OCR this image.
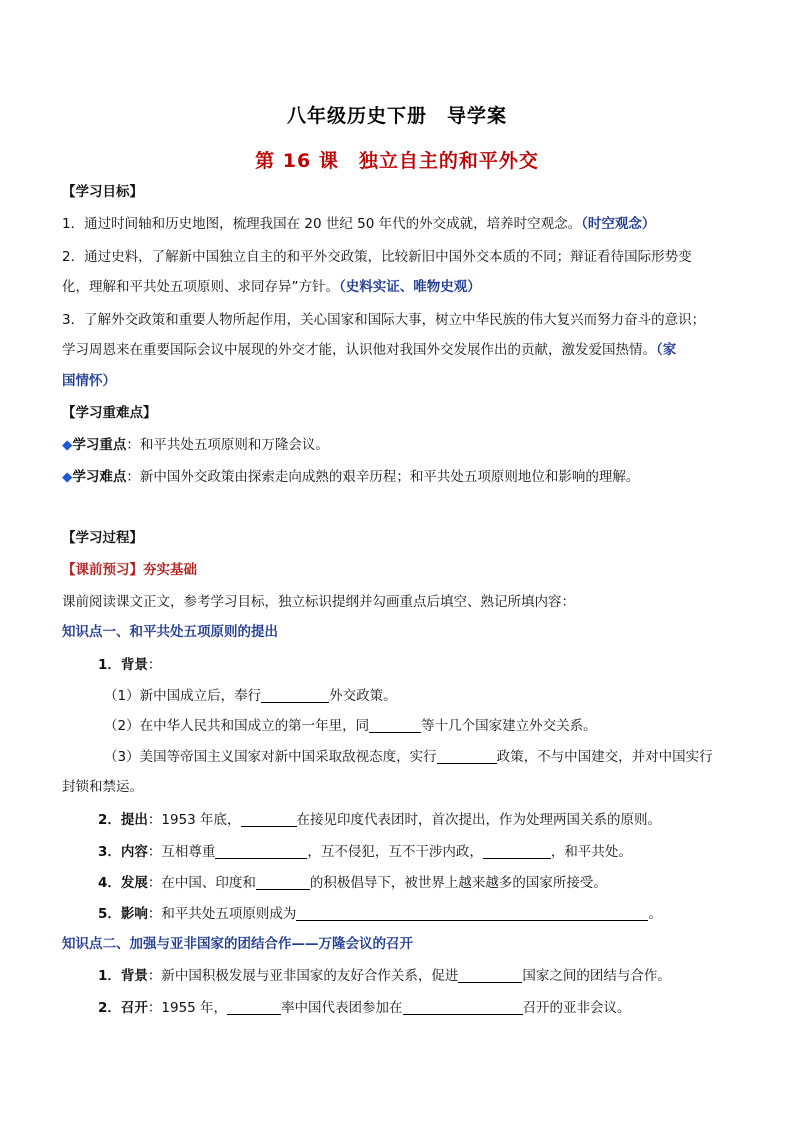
八年级历史下册　导学案
第 16 课　独立自主的和平外交
【学习目标】
1．通过时间轴和历史地图，梳理我国在 20 世纪 50 年代的外交成就，培养时空观念。（时空观念）
2．通过史料，了解新中国独立自主的和平外交政策，比较新旧中国外交本质的不同；辩证看待国际形势变
化，理解和平共处五项原则、求同存异”方针。（史料实证、唯物史观）
3．了解外交政策和重要人物所起作用，关心国家和国际大事，树立中华民族的伟大复兴而努力奋斗的意识；
学习周恩来在重要国际会议中展现的外交才能，认识他对我国外交发展作出的贡献，激发爱国热情。（家
国情怀）
【学习重难点】
◆学习重点：和平共处五项原则和万隆会议。
◆学习难点：新中国外交政策由探索走向成熟的艰辛历程；和平共处五项原则地位和影响的理解。
【学习过程】
【课前预习】夯实基础
课前阅读课文正文，参考学习目标，独立标识提纲并勾画重点后填空、熟记所填内容：
知识点一、和平共处五项原则的提出
1．背景：
（1）新中国成立后，奉行	外交政策。
（2）在中华人民共和国成立的第一年里，同	等十几个国家建立外交关系。
（3）美国等帝国主义国家对新中国采取敌视态度，实行	政策，不与中国建交，并对中国实行
封锁和禁运。
2．提出：1953 年底，	在接见印度代表团时，首次提出，作为处理两国关系的原则。
3．内容：互相尊重	，互不侵犯，互不干涉内政，	，和平共处。
4．发展：在中国、印度和	的积极倡导下，被世界上越来越多的国家所接受。
5．影响：和平共处五项原则成为	。
知识点二、加强与亚非国家的团结合作——万隆会议的召开
1．背景：新中国积极发展与亚非国家的友好合作关系，促进	国家之间的团结与合作。
2．召开：1955 年，	率中国代表团参加在	召开的亚非会议。
